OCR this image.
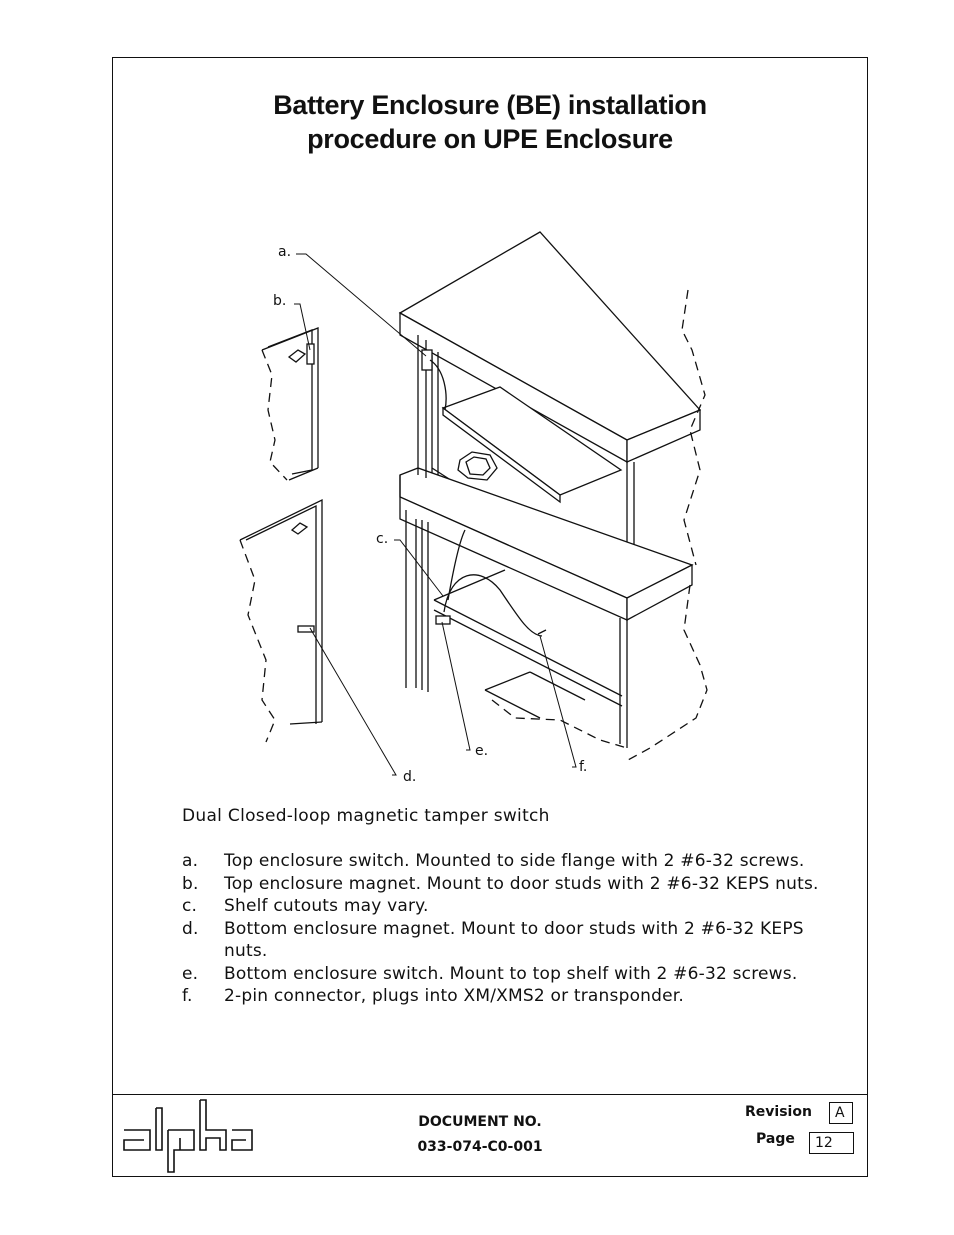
Battery Enclosure (BE) installation
procedure on UPE Enclosure
a.
b.
c.
d.
e.
f.
Dual Closed-loop magnetic tamper switch
a.	Top enclosure switch. Mounted to side flange with 2 #6-32 screws.
b.	Top enclosure magnet. Mount to door studs with 2 #6-32 KEPS nuts.
c.	Shelf cutouts may vary.
d.	Bottom enclosure magnet. Mount to door studs with 2 #6-32 KEPS nuts.
e.	Bottom enclosure switch. Mount to top shelf with 2 #6-32 screws.
f.	2-pin connector, plugs into XM/XMS2 or transponder.
DOCUMENT NO.
033-074-C0-001
Revision	A
Page	12
